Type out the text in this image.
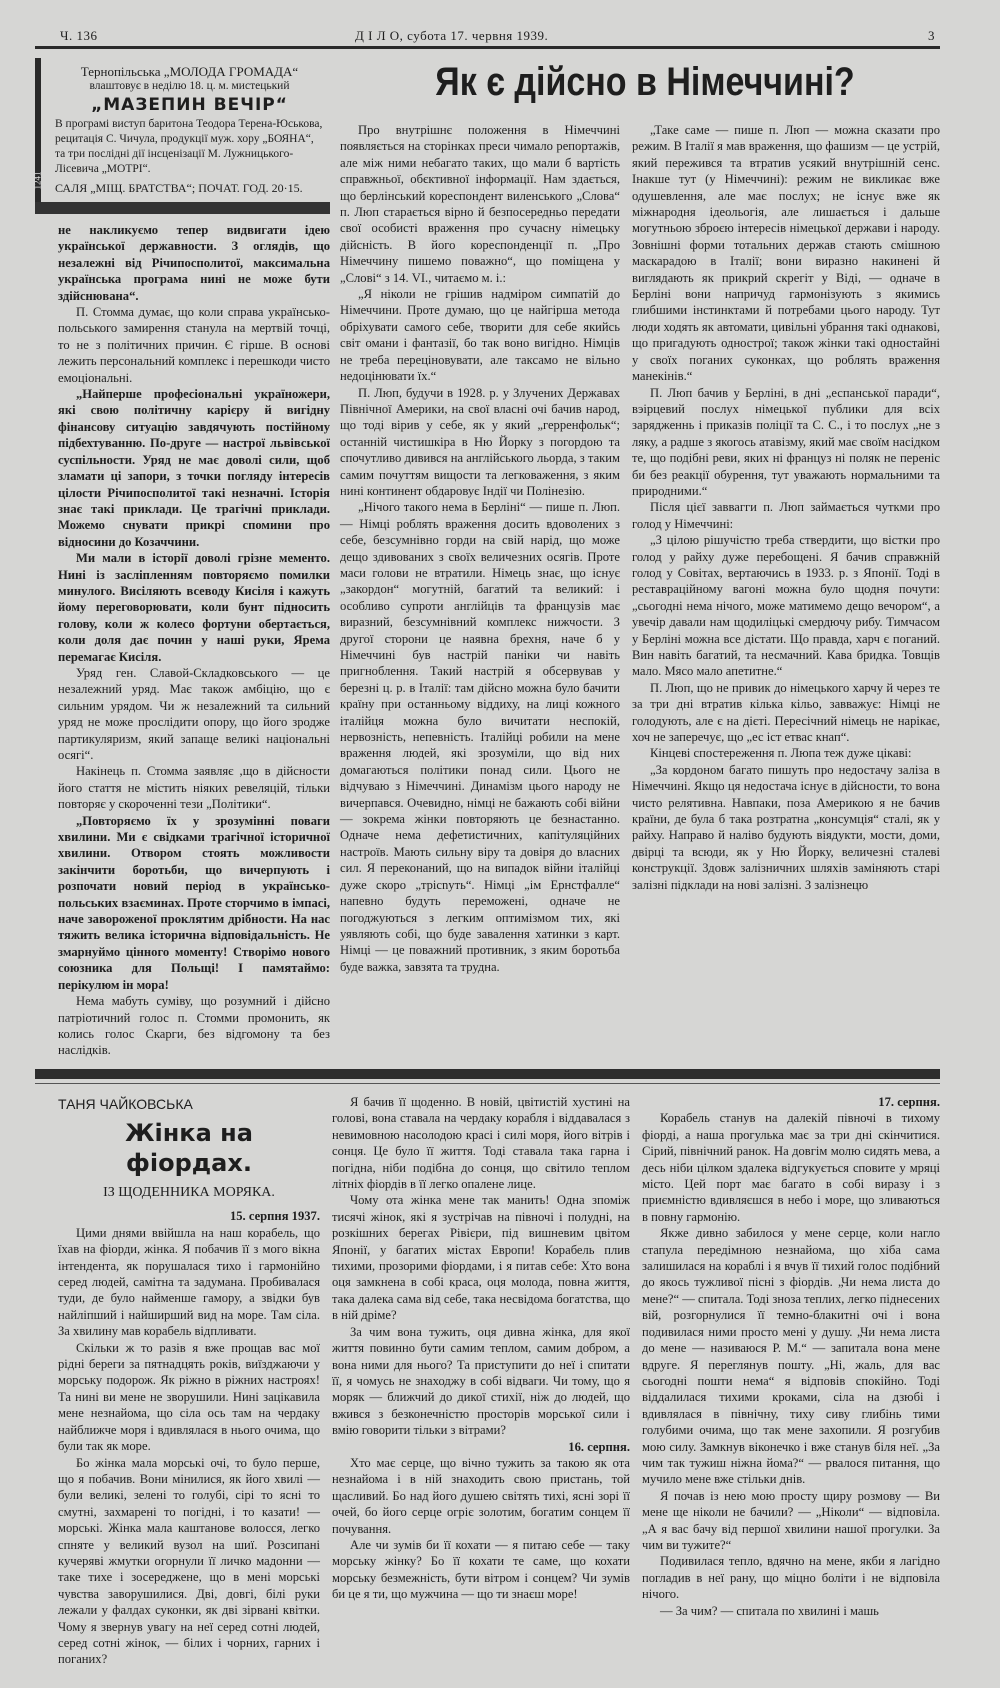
Ч. 136	Д І Л О, субота 17. червня 1939.	3
Тернопільська „МОЛОДА ГРОМАДА“
влаштовує в неділю 18. ц. м. мистецький
„МАЗЕПИН ВЕЧІР“
В програмі виступ баритона Теодора Терена-Юськова, рецитація С. Чичула, продукції муж. хору „БОЯНА“, та три послідні дії інсценізації М. Лужницького-Лісевича „МОТРІ“.
САЛЯ „МІЩ. БРАТСТВА“; ПОЧАТ. ГОД. 20·15.
1241
Як є дійсно в Німеччині?

не накликуємо тепер видвигати ідею української державности. З оглядів, що незалежні від Річипосполитої, максимальна українська програма нині не може бути здійснювана“.

П. Стомма думає, що коли справа українсько-польського замирення станула на мертвій точці, то не з політичних причин. Є гірше. В основі лежить персональний комплекс і перешкоди чисто емоціональні.

„Найперше професіональні україножери, які свою політичну карієру й вигідну фінансову ситуацію завдячують постійному підбехтуванню. По-друге — настрої львівської суспільности. Уряд не має доволі сили, щоб зламати ці запори, з точки погляду інтересів цілости Річипосполитої такі незначні. Історія знає такі приклади. Це трагічні приклади. Можемо снувати прикрі спомини про відносини до Козаччини.

Ми мали в історії доволі грізне мементо. Нині із засліпленням повторяємо помилки минулого. Висіляють всеводу Кисіля і кажуть йому переговорювати, коли бунт підносить голову, коли ж колесо фортуни обертається, коли доля дає почин у наші руки, Ярема перемагає Кисіля.

Уряд ген. Славой-Складковського — це незалежний уряд. Має також амбіцію, що є сильним урядом. Чи ж незалежний та сильний уряд не може прослідити опору, що його зродже партикуляризм, який запаще великі національні осягі“.

Накінець п. Стомма заявляє ,що в дійсности його стаття не містить ніяких ревеляцій, тільки повторяє у скороченні тези „Політики“.

„Повторяємо їх у зрозумінні поваги хвилини. Ми є свідками трагічної історичної хвилини. Отвором стоять можливости закінчити боротьби, що вичерпують і розпочати новий період в українсько-польських взаєминах. Проте сторчимо в імпасі, наче завороженої проклятим дрібности. На нас тяжить велика історична відповідальність. Не змарнуймо цінного моменту! Створімо нового союзника для Польщі! І памятаймо: перікулюм ін мора!

Нема мабуть суміву, що розумний і дійсно патріотичний голос п. Стомми промонить, як колись голос Скарги, без відгомону та без наслідків.

Про внутрішнє положення в Німеччині появляється на сторінках преси чимало репортажів, але між ними небагато таких, що мали б вартість справжньої, обєктивної інформації. Нам здається, що берлінський кореспондент виленського „Слова“ п. Люп старається вірно й безпосередньо передати свої особисті враження про сучасну німецьку дійсність. В його кореспонденції п. „Про Німеччину пишемо поважно“, що поміщена у „Слові“ з 14. VI., читаємо м. і.:

„Я ніколи не грішив надміром симпатій до Німеччини. Проте думаю, що це найгірша метода обріхувати самого себе, творити для себе якийсь світ омани і фантазії, бо так воно вигідно. Німців не треба переціновувати, але таксамо не вільно недоцінювати їх.“

П. Люп, будучи в 1928. р. у Злучених Державах Північної Америки, на свої власні очі бачив народ, що тоді вірив у себе, як у який „герренфольк“; останній чистишкіра в Ню Йорку з погордою та спочутливо дивився на англійського льорда, з таким самим почуттям вищости та легковаження, з яким нині континент обдаровує Індії чи Полінезію.

„Нічого такого нема в Берліні“ — пише п. Люп. — Німці роблять враження досить вдоволених з себе, безсумнівно горди на свій нарід, що може дещо здивованих з своїх величезних осягів. Проте маси голови не втратили. Німець знає, що існує „закордон“ могутній, багатий та великий: і особливо супроти англійців та французів має виразний, безсумнівний комплекс нижчости. З другої сторони це наявна брехня, наче б у Німеччині був настрій паніки чи навіть пригноблення. Такий настрій я обсервував у березні ц. р. в Італії: там дійсно можна було бачити країну при останньому віддиху, на лиці кожного італійця можна було вичитати неспокій, нервозність, непевність. Італійці робили на мене враження людей, які зрозуміли, що від них домагаються політики понад сили. Цього не відчуваю з Німеччині. Динамізм цього народу не вичерпався. Очевидно, німці не бажають собі війни — зокрема жінки повторяють це безнастанно. Одначе нема дефетистичних, капітуляційних настроїв. Мають сильну віру та довіря до власних сил. Я переконаний, що на випадок війни італійці дуже скоро „трісnуть“. Німці „ім Ернстфалле“ напевно будуть переможені, одначе не погоджуються з легким оптимізмом тих, які уявляють собі, що буде завалення хатинки з карт. Німці — це поважний противник, з яким боротьба буде важка, завзята та трудна.

„Таке саме — пише п. Люп — можна сказати про режим. В Італії я мав враження, що фашизм — це устрій, який пережився та втратив усякий внутрішній сенс. Інакше тут (у Німеччині): режим не викликає вже одушевлення, але має послух; не існує вже як міжнародня ідеольогія, але лишається і дальше могутньою зброєю інтересів німецької держави і народу. Зовнішні форми тотальних держав стають смішною маскарадою в Італії; вони виразно накинені й виглядають як прикрий скрегіт у Віді, — одначе в Берліні вони напричуд гармонізують з якимись глибшими інстинктами й потребами цього народу. Тут люди ходять як автомати, цивільні убрання такі однакові, що пригадують однострої; також жінки такі одностайні у своїх поганих суконках, що роблять враження манекінів.“

П. Люп бачив у Берліні, в дні „еспанської паради“, вэірцевий послух німецької публики для всіх зарядженнь і приказів поліції та С. С., і то послух „не з ляку, а радше з якогось атавізму, який має своїм насідком те, що подібні реви, яких ні француз ні поляк не переніс би без реакції обурення, тут уважають нормальними та природними.“

Після цієї заввагги п. Люп займається чуткми про голод у Німеччині:

„З цілою рішучістю треба ствердити, що вістки про голод у райху дуже перебощені. Я бачив справжній голод у Совітах, вертаючись в 1933. р. з Японії. Тоді в реставраційному вагоні можна було щодня почути: „сьогодні нема нічого, може матимемо дещо вечором“, а увечір давали нам щодиліцькі смердючу рибу. Тимчасом у Берліні можна все дістати. Що правда, харч є поганий. Вин навіть багатий, та несмачний. Кава бридка. Товщів мало. Мясо мало апетитне.“

П. Люп, що не привик до німецького харчу й через те за три дні втратив кілька кільо, завважує: Німці не голодують, але є на дієті. Пересічний німець не нарікає, хоч не заперечує, що „ес іст етвас кнап“.

Кінцеві спостереження п. Люпа теж дуже цікаві:

„За кордоном багато пишуть про недостачу заліза в Німеччині. Якщо ця недостача існує в дійсности, то вона чисто релятивна. Навпаки, поза Америкою я не бачив країни, де була б така розтратна „консумція“ сталі, як у райху. Направо й наліво будують віядукти, мости, доми, двірці та всюди, як у Ню Йорку, величезні сталеві конструкції. Здовж залізничних шляхів заміняють старі залізні підклади на нові залізні. З залізнецю

ТАНЯ ЧАЙКОВСЬКА
Жінка на фіордах.
ІЗ ЩОДЕННИКА МОРЯКА.

15. серпня 1937.

Цими днями ввійшла на наш корабель, що їхав на фіорди, жінка. Я побачив її з мого вікна інтендента, як порушалася тихо і гармонійно серед людей, самітна та задумана. Пробивалася туди, де було найменше гамору, а звідки був найліпший і найширший вид на море. Там сіла. За хвилину мав корабель відпливати.

Скільки ж то разів я вже прощав вас мої рідні береги за пятнадцять років, виїзджаючи у морську подорож. Як ріжно в ріжних настроях! Та нині ви мене не зворушили. Нині зацікавила мене незнайома, що сіла ось там на чердаку найближче моря і вдивлялася в нього очима, що були так як море.

Бо жінка мала морські очі, то було перше, що я побачив. Вони мінилися, як його хвилі — були великі, зелені то голубі, сірі то ясні то смутні, захмарені то погідні, і то казати! — морські. Жінка мала каштанове волосся, легко спняте у великий вузол на шиї. Розсипані кучеряві жмутки огорнули її личко мадонни — таке тихе і зосереджене, що в мені морські чувства заворушилися. Дві, довгі, білі руки лежали у фалдах суконки, як дві зірвані квітки. Чому я звернув увагу на неї серед сотні людей, серед сотні жінок, — білих і чорних, гарних і поганих?

Я бачив її щоденно. В новій, цвітистій хустині на голові, вона ставала на чердаку корабля і віддавалася з невимовною насолодою красі і силі моря, його вітрів і сонця. Це було її життя. Тоді ставала така гарна і погідна, ніби подібна до сонця, що світило теплом літніх фіордів в її легко опалене лице.

Чому ота жінка мене так манить! Одна зпоміж тисячі жінок, які я зустрічав на півночі і полудні, на розкішних берегах Рівієри, під вишневим цвітом Японії, у багатих містах Европи! Корабель плив тихими, прозорими фіордами, і я питав себе: Хто вона оця замкнена в собі краса, оця молода, повна життя, така далека сама від себе, така несвідома богатства, що в ній дріме?

За чим вона тужить, оця дивна жінка, для якої життя повинно бути самим теплом, самим добром, а вона ними для нього? Та приступити до неї і спитати її, я чомусь не знаходжу в собі відваги. Чи тому, що я моряк — ближчий до дикої стихії, ніж до людей, що вжився з безконечністю просторів морської сили і вмію говорити тільки з вітрами?

16. серпня.

Хто має серце, що вічно тужить за такою як ота незнайома і в ній знаходить свою пристань, той щасливий. Бо над його душею світять тихі, ясні зорі її очей, бо його серце огріє золотим, богатим сонцем її почування.

Але чи зумів би її кохати — я питаю себе — таку морську жінку? Бо її кохати те саме, що кохати морську безмежність, бути вітром і сонцем? Чи зумів би це я ти, що мужчина — що ти знаєш море!

17. серпня.

Корабель станув на далекій півночі в тихому фіорді, а наша прогулька має за три дні скінчитися. Сірий, північний ранок. На довгім молю сидять мева, а десь ніби цілком здалека відгукується сповите у мряці місто. Цей порт має багато в собі виразу і з приємністю вдивляєшся в небо і море, що зливаються в повну гармонію.

Якже дивно забилося у мене серце, коли нагло стапула передімною незнайома, що хіба сама залишилася на кораблі і я вчув її тихий голос подібний до якось тужливої пісні з фіордів. „Чи нема листа до мене?“ — спитала. Тоді зноза теплих, легко піднесених вій, розгорнулися її темно-блакитні очі і вона подивилася ними просто мені у душу. „Чи нема листа до мене — називаюся Р. М.“ — запитала вона мене вдруге. Я переглянув пошту. „Ні, жаль, для вас сьогодні пошти нема“ я відповів спокійно. Тоді віддалилася тихими кроками, сіла на дзюбі і вдивлялася в північну, тиху сиву глибінь тими голубими очима, що так мене захопили. Я розгубив мою силу. Замкнув віконечко і вже станув біля неї. „За чим так тужиш ніжна йома?“ — рвалося питання, що мучило мене вже стільки днів.

Я почав із нею мою просту щиру розмову — Ви мене ще ніколи не бачили? — „Ніколи“ — відповіла. „А я вас бачу від першої хвилини нашої прогулки. За чим ви тужите?“

Подивилася тепло, вдячно на мене, якби я лагідно погладив в неї рану, що міцно боліти і не відповіла нічого.

— За чим? — спитала по хвилині і машь
